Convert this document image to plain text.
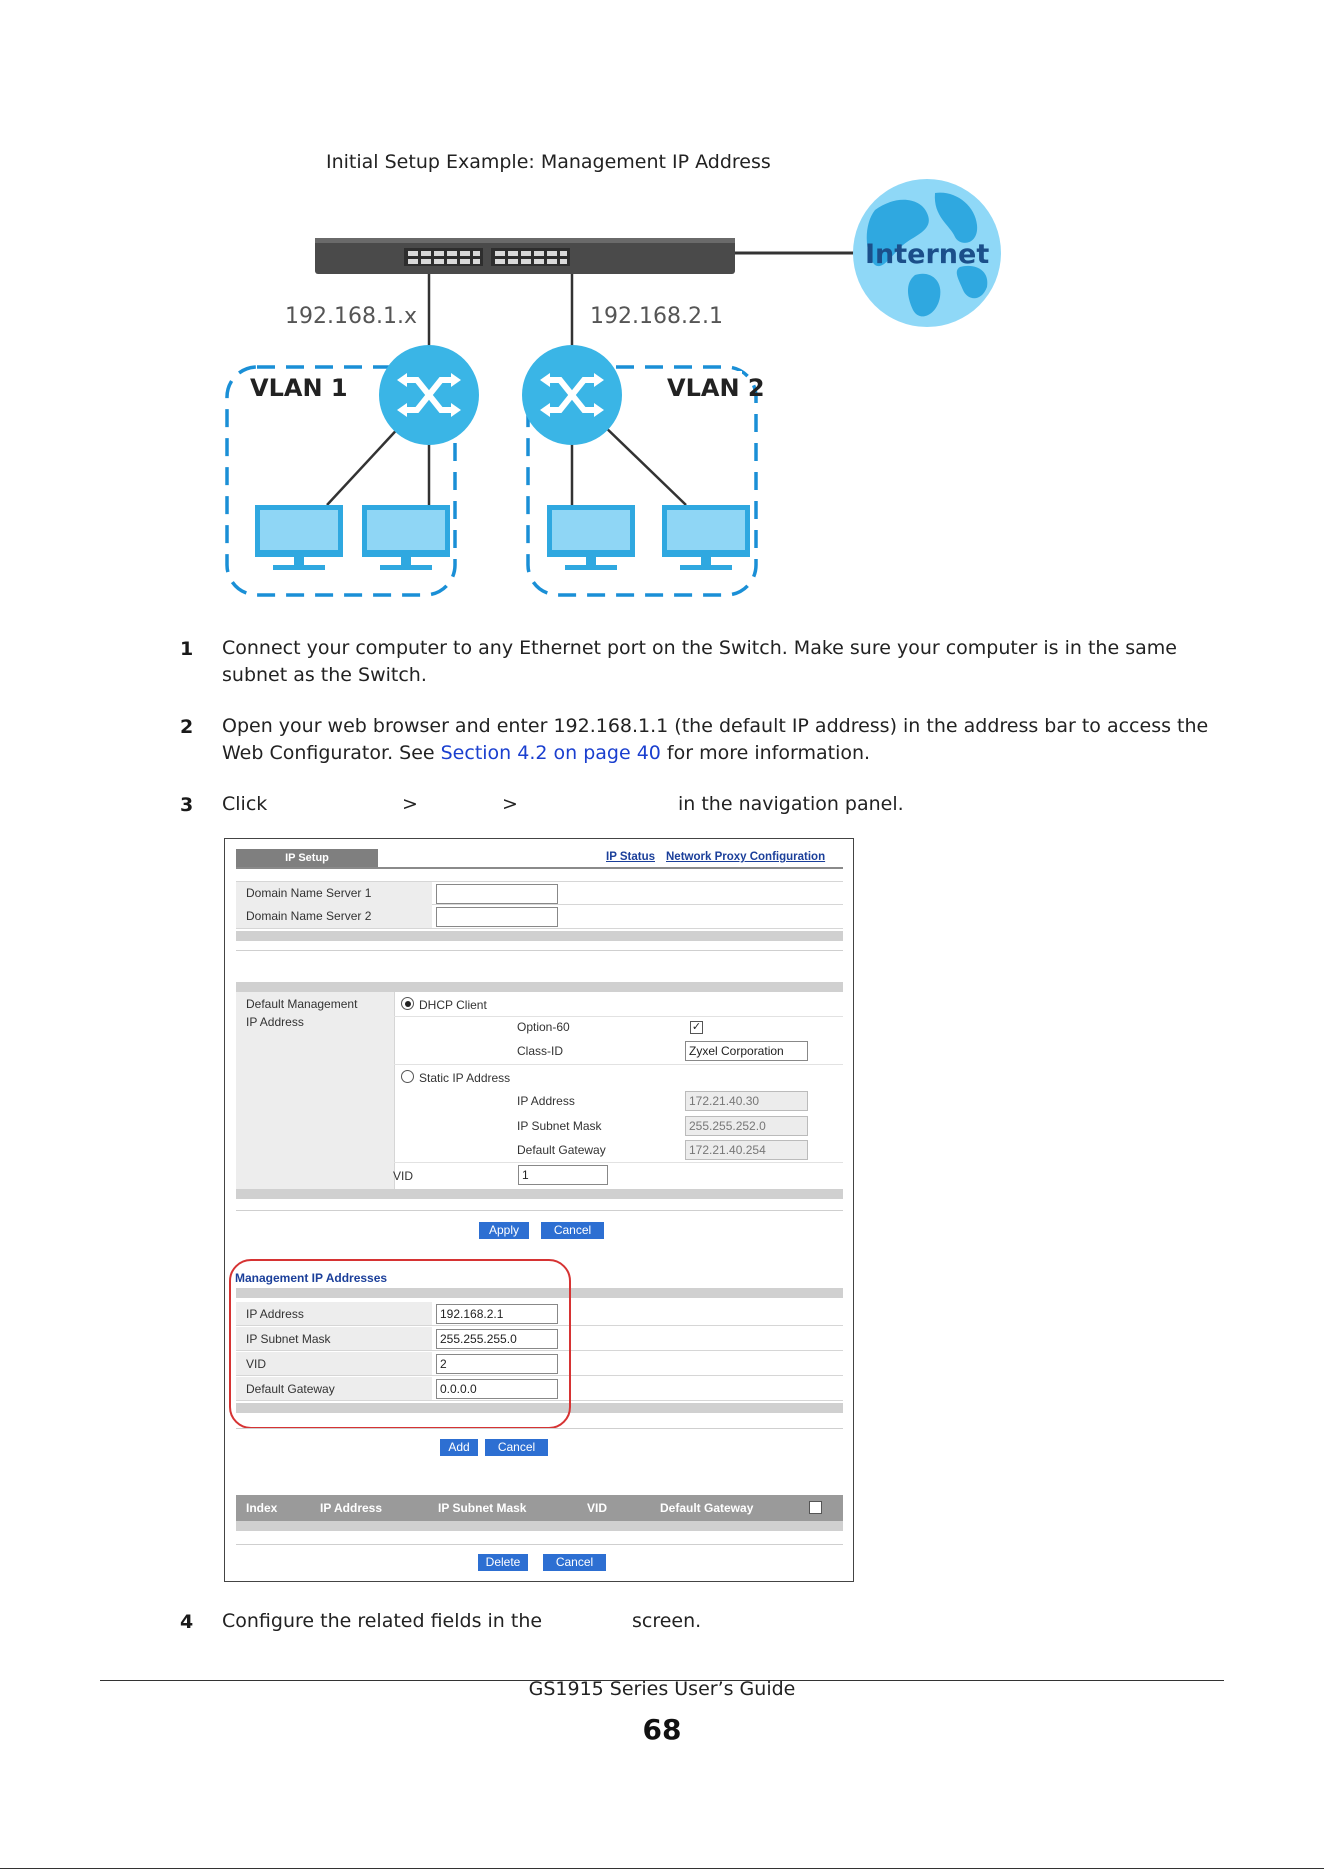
Initial Setup Example: Management IP Address
192.168.1.x	192.168.2.1
VLAN 1	VLAN 2
Internet
1 Connect your computer to any Ethernet port on the Switch. Make sure your computer is in the same subnet as the Switch.
2 Open your web browser and enter 192.168.1.1 (the default IP address) in the address bar to access the Web Configurator. See Section 4.2 on page 40 for more information.
3 Click	>	>	in the navigation panel.
4 Configure the related fields in the	screen.
IP Setup	IP Status Network Proxy Configuration
Domain Name Server 1
Domain Name Server 2
Default Management
IP Address
DHCP Client
Option-60	✓
Class-ID	Zyxel Corporation
Static IP Address
IP Address	172.21.40.30
IP Subnet Mask	255.255.252.0
Default Gateway	172.21.40.254
VID	1
Apply	Cancel
Management IP Addresses
IP Address	192.168.2.1
IP Subnet Mask	255.255.255.0
VID	2
Default Gateway	0.0.0.0
Add	Cancel
Index	IP Address	IP Subnet Mask	VID	Default Gateway
Delete	Cancel
GS1915 Series User’s Guide
68
